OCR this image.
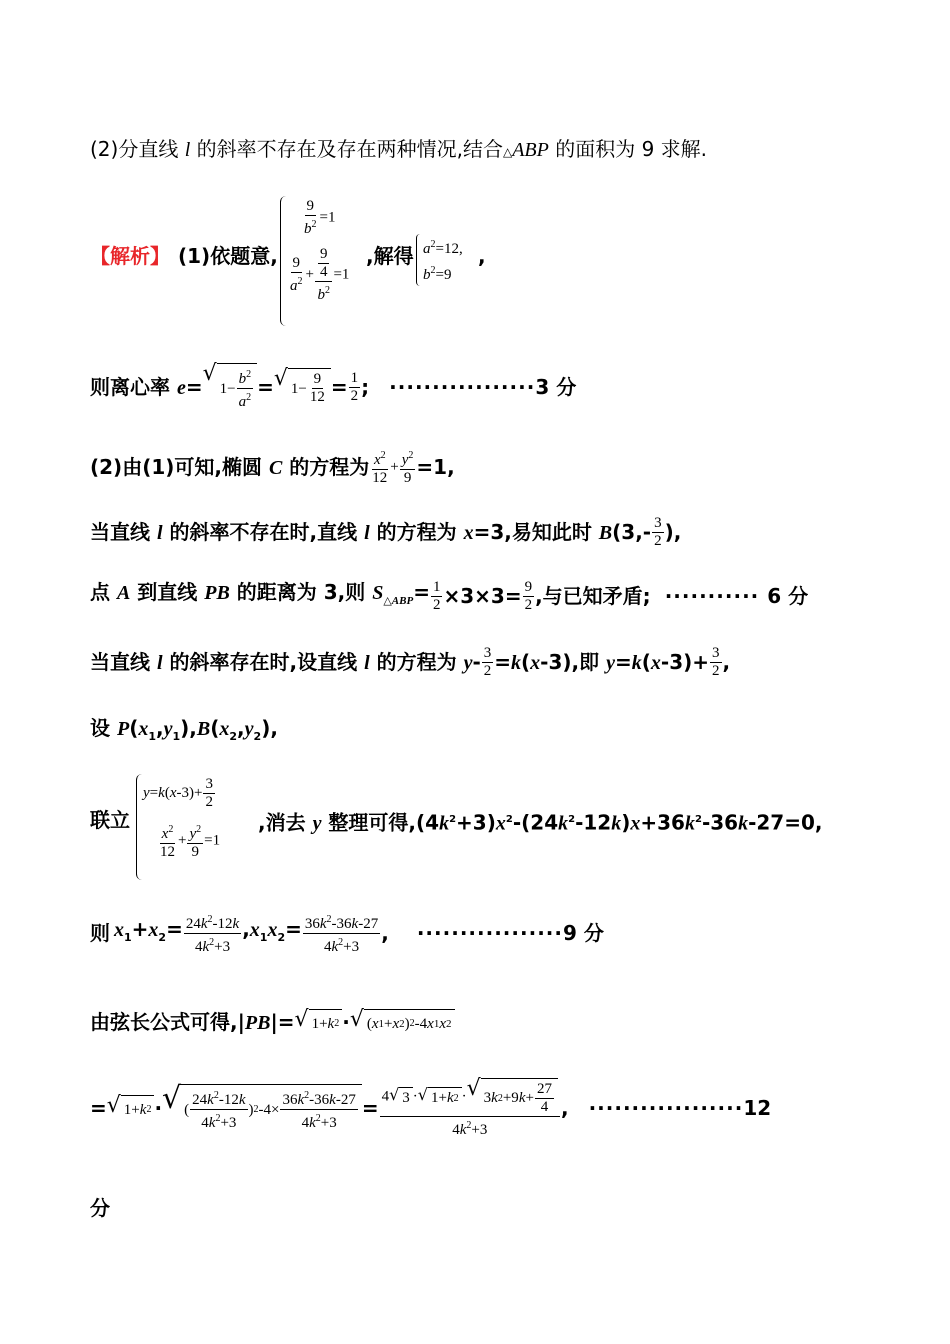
(2)分直线 l 的斜率不存在及存在两种情况,结合△ABP 的面积为 9 求解.
【解析】 (1)依题意,
$\frac{9}{b^2} =1$
$\frac{9}{a^2} + \frac{\frac{9}{4}}{b^2} =1$
,解得 $a^2=12$,
$b^2=9$
,
则离心率 e=
√
$1- \frac{b^2}{a^2}$ = √ $1- \frac{9}{12} = \frac{1}{2}$ ; ················· 3 分
(2)由(1)可知,椭圆 C 的方程为 $\frac{x^2}{12} + \frac{y^2}{9} =1$,
当直线 l 的斜率不存在时,直线 l 的方程为 x=3,易知此时 $B(3,- \frac{3}{2}$ ),
点 A 到直线 PB 的距离为 3,则 $S_{\triangle ABP}= \frac{1}{2} \times 3\times 3= \frac{9}{2}$ ,与已知矛盾; ··········· 6 分
当直线 l 的斜率存在时,设直线 l 的方程为 $y- \frac{3}{2} =k(x-3)$,即 $y=k(x-3)+ \frac{3}{2}$ ,
设 $P(x_1,y_1),B(x_2,y_2)$,
联立
$y=k(x-3)+ \frac{3}{2}$
$\frac{x^2}{12} + \frac{y^2}{9} =1$
,消去 y 整理可得$,(4k^2+3)x^2-(24k^2-12k)x+36k^2-36k-27=0$,
则 $x_1+x_2= \frac{24k^2-12k}{4k^2+3} ,x_1x_2= \frac{36k^2-36k-27}{4k^2+3}$ , ················· 9 分
由弦长公式可得,|PB|= √ 1+ k 2 · √ ( x 1 + x 2 ) 2 -4 x 1 x 2
= √ 1+ k 2 · √ ( $\frac{24k^2-12k}{4k^2+3}$ ) 2 $-4\times \frac{36k^2-36k-27}{4k^2+3} = \frac{4 √ 3 \cdot √ 1+ k 2 \cdot √ 3 k 2 +9 k + \frac{27}{4}}{4k^2+3}$ , ·················· 12
分
